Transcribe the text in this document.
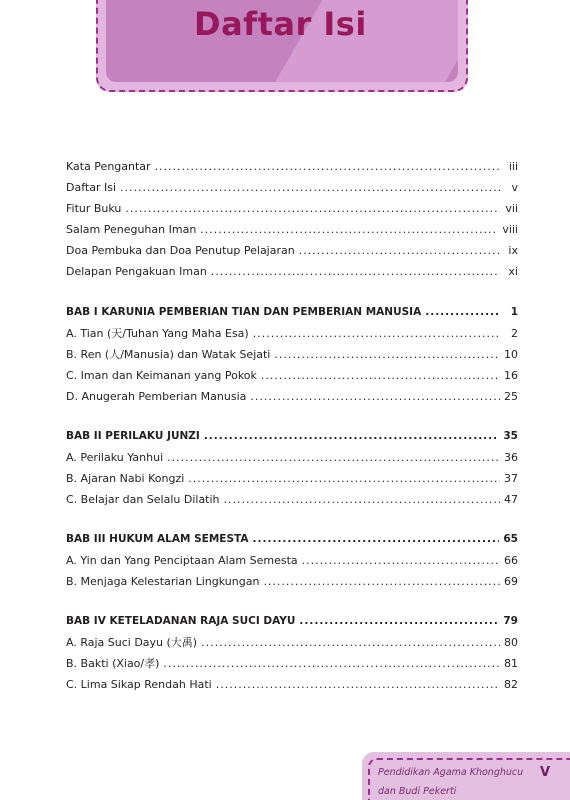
Daftar Isi
Kata Pengantar .....	iii
Daftar Isi .....	v
Fitur Buku .....	vii
Salam Peneguhan Iman .....	viii
Doa Pembuka dan Doa Penutup Pelajaran .....	ix
Delapan Pengakuan Iman .....	xi
BAB I KARUNIA PEMBERIAN TIAN DAN PEMBERIAN MANUSIA .....	1
A. Tian (天/Tuhan Yang Maha Esa) .....	2
B. Ren (人/Manusia) dan Watak Sejati .....	10
C. Iman dan Keimanan yang Pokok .....	16
D. Anugerah Pemberian Manusia .....	25
BAB II PERILAKU JUNZI .....	35
A. Perilaku Yanhui .....	36
B. Ajaran Nabi Kongzi .....	37
C. Belajar dan Selalu Dilatih .....	47
BAB III HUKUM ALAM SEMESTA .....	65
A. Yin dan Yang Penciptaan Alam Semesta .....	66
B. Menjaga Kelestarian Lingkungan .....	69
BAB IV KETELADANAN RAJA SUCI DAYU .....	79
A. Raja Suci Dayu (大禹) .....	80
B. Bakti (Xiao/孝) .....	81
C. Lima Sikap Rendah Hati .....	82
Pendidikan Agama Khonghucu
dan Budi Pekerti
V
